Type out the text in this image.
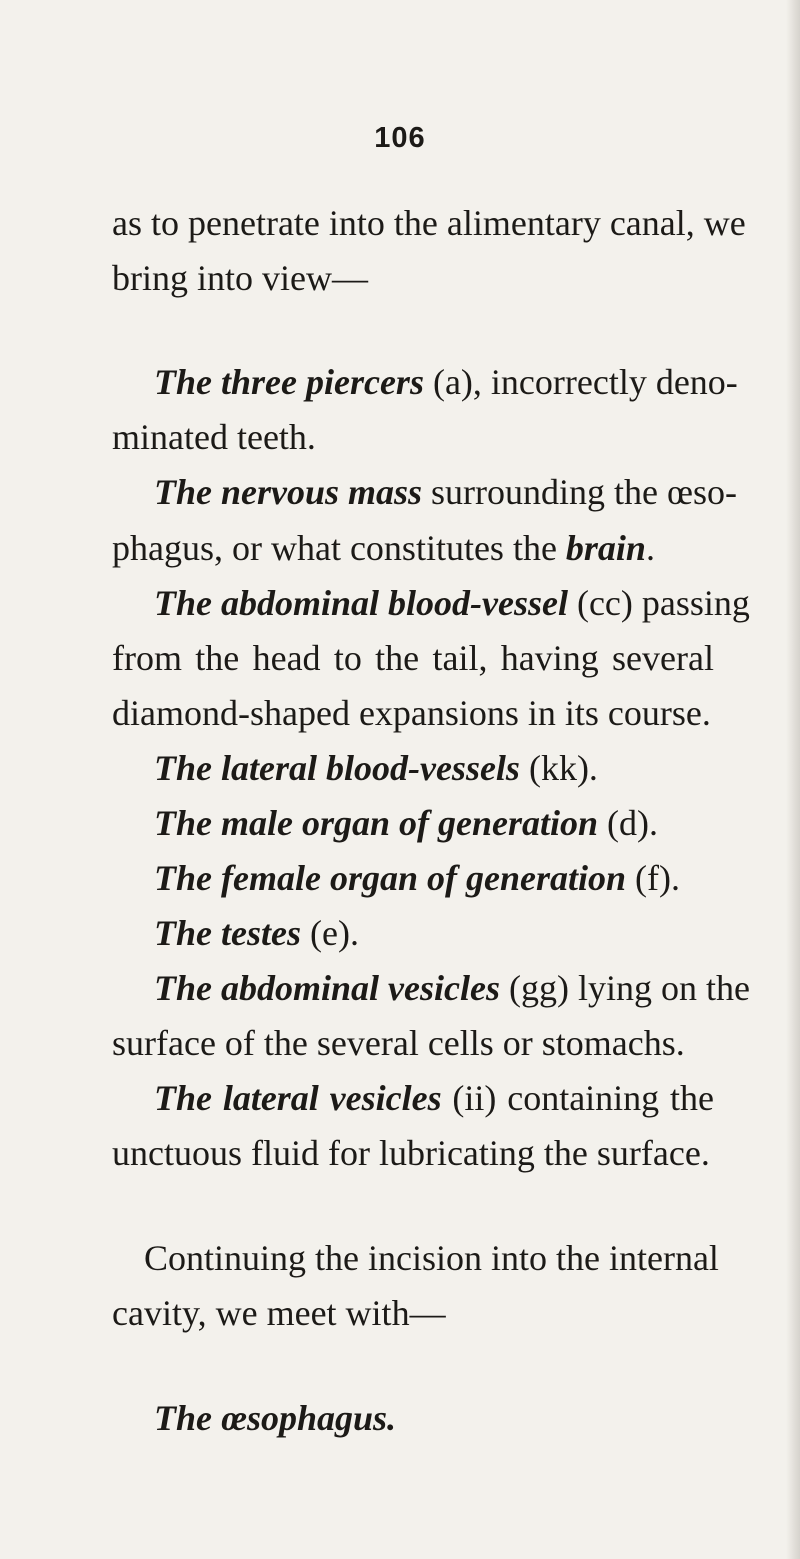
106
as to penetrate into the alimentary canal, we
bring into view—
The three piercers (a), incorrectly deno-
minated teeth.
The nervous mass surrounding the œso-
phagus, or what constitutes the brain.
The abdominal blood-vessel (cc) passing
from the head to the tail, having several
diamond-shaped expansions in its course.
The lateral blood-vessels (kk).
The male organ of generation (d).
The female organ of generation (f).
The testes (e).
The abdominal vesicles (gg) lying on the
surface of the several cells or stomachs.
The lateral vesicles (ii) containing the
unctuous fluid for lubricating the surface.
Continuing the incision into the internal
cavity, we meet with—
The œsophagus.
